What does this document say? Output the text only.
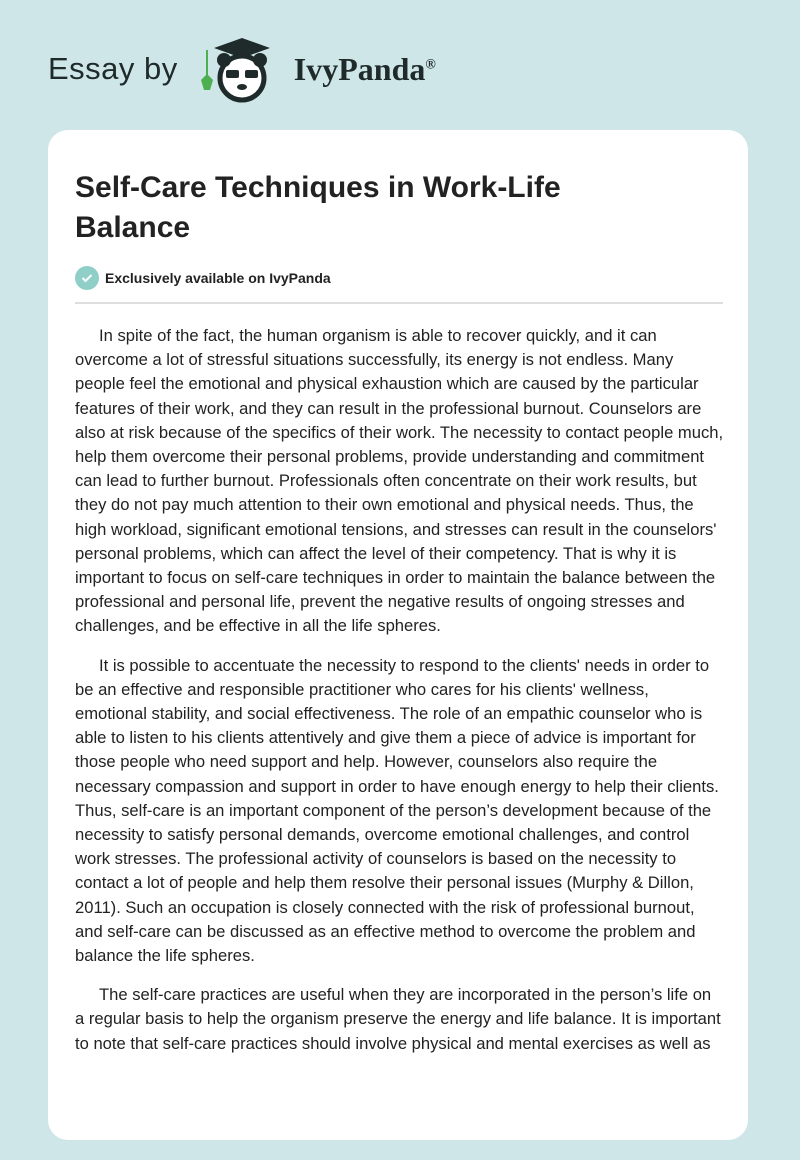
Essay by	IvyPanda®
Self-Care Techniques in Work-Life Balance
Exclusively available on IvyPanda

In spite of the fact, the human organism is able to recover quickly, and it can overcome a lot of stressful situations successfully, its energy is not endless. Many people feel the emotional and physical exhaustion which are caused by the particular features of their work, and they can result in the professional burnout. Counselors are also at risk because of the specifics of their work. The necessity to contact people much, help them overcome their personal problems, provide understanding and commitment can lead to further burnout. Professionals often concentrate on their work results, but they do not pay much attention to their own emotional and physical needs. Thus, the high workload, significant emotional tensions, and stresses can result in the counselors' personal problems, which can affect the level of their competency. That is why it is important to focus on self-care techniques in order to maintain the balance between the professional and personal life, prevent the negative results of ongoing stresses and challenges, and be effective in all the life spheres.

It is possible to accentuate the necessity to respond to the clients' needs in order to be an effective and responsible practitioner who cares for his clients' wellness, emotional stability, and social effectiveness. The role of an empathic counselor who is able to listen to his clients attentively and give them a piece of advice is important for those people who need support and help. However, counselors also require the necessary compassion and support in order to have enough energy to help their clients. Thus, self-care is an important component of the person’s development because of the necessity to satisfy personal demands, overcome emotional challenges, and control work stresses. The professional activity of counselors is based on the necessity to contact a lot of people and help them resolve their personal issues (Murphy & Dillon, 2011). Such an occupation is closely connected with the risk of professional burnout, and self-care can be discussed as an effective method to overcome the problem and balance the life spheres.

The self-care practices are useful when they are incorporated in the person’s life on a regular basis to help the organism preserve the energy and life balance. It is important to note that self-care practices should involve physical and mental exercises as well as
